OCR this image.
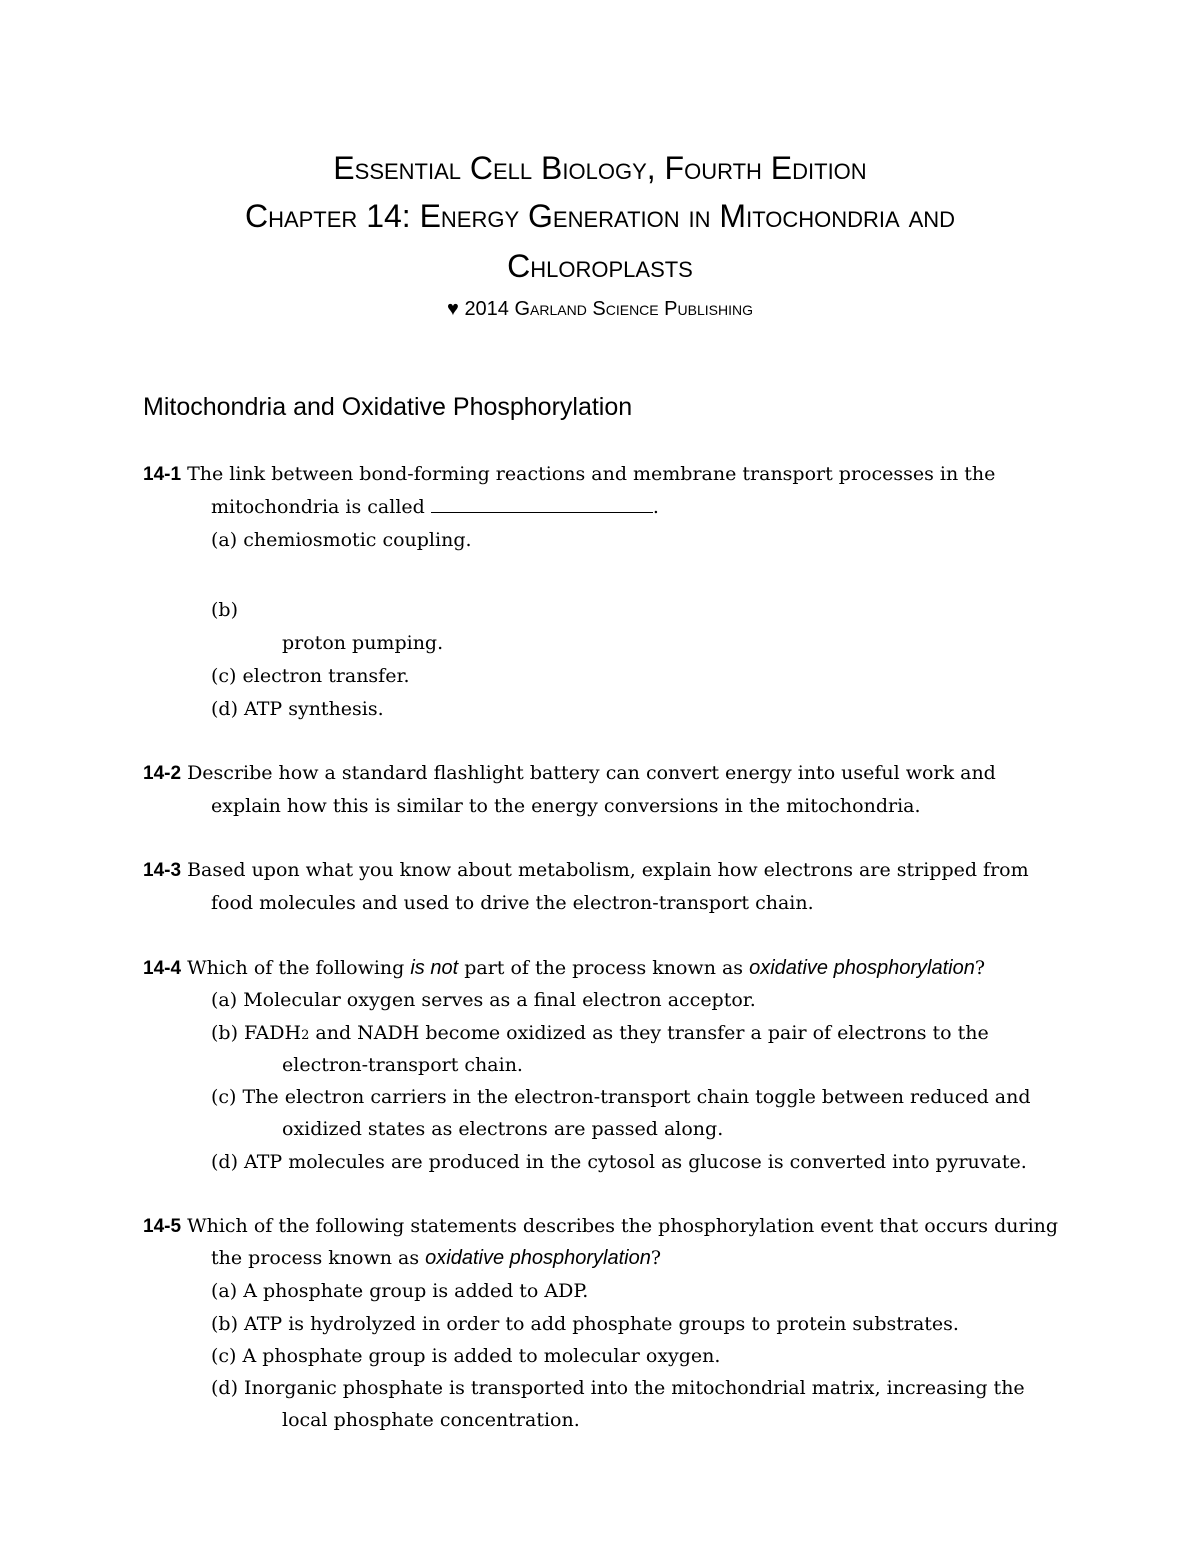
Essential Cell Biology, Fourth Edition
Chapter 14: Energy Generation in Mitochondria and
Chloroplasts
♥ 2014 Garland Science Publishing
Mitochondria and Oxidative Phosphorylation
14-1 The link between bond-forming reactions and membrane transport processes in the
mitochondria is called	.
(a) chemiosmotic coupling.
(b)
proton pumping.
(c) electron transfer.
(d) ATP synthesis.
14-2 Describe how a standard flashlight battery can convert energy into useful work and
explain how this is similar to the energy conversions in the mitochondria.
14-3 Based upon what you know about metabolism, explain how electrons are stripped from
food molecules and used to drive the electron-transport chain.
14-4 Which of the following is not part of the process known as oxidative phosphorylation?
(a) Molecular oxygen serves as a final electron acceptor.
(b) FADH2 and NADH become oxidized as they transfer a pair of electrons to the
electron-transport chain.
(c) The electron carriers in the electron-transport chain toggle between reduced and
oxidized states as electrons are passed along.
(d) ATP molecules are produced in the cytosol as glucose is converted into pyruvate.
14-5 Which of the following statements describes the phosphorylation event that occurs during
the process known as oxidative phosphorylation?
(a) A phosphate group is added to ADP.
(b) ATP is hydrolyzed in order to add phosphate groups to protein substrates.
(c) A phosphate group is added to molecular oxygen.
(d) Inorganic phosphate is transported into the mitochondrial matrix, increasing the
local phosphate concentration.
